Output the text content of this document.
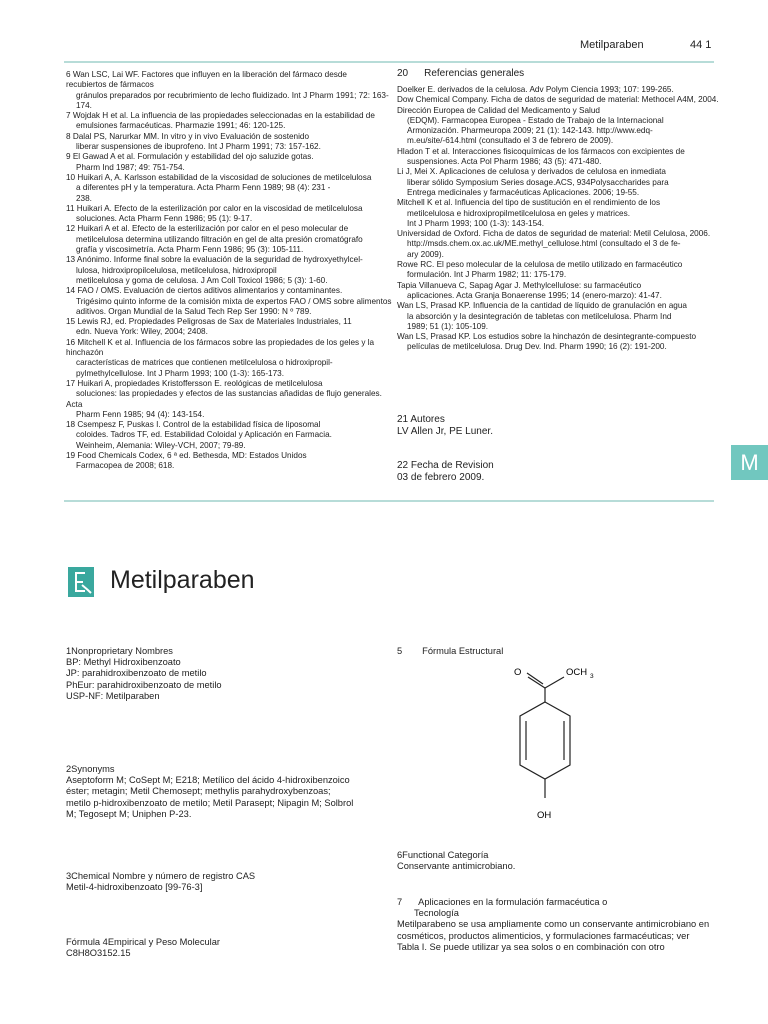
Metilparaben	44 1

6 Wan LSC, Lai WF. Factores que influyen en la liberación del fármaco desde

recubiertos de fármacos

gránulos preparados por recubrimiento de lecho fluidizado. Int J Pharm 1991; 72: 163-

174.

7 Wojdak H et al. La influencia de las propiedades seleccionadas en la estabilidad de

emulsiones farmacéuticas. Pharmazie 1991; 46: 120-125.

8 Dalal PS, Narurkar MM. In vitro y in vivo Evaluación de sostenido

liberar suspensiones de ibuprofeno. Int J Pharm 1991; 73: 157-162.

9 El Gawad A et al. Formulación y estabilidad del ojo saluzide gotas.

Pharm Ind 1987; 49: 751-754.

10 Huikari A, A. Karlsson estabilidad de la viscosidad de soluciones de metilcelulosa

a diferentes pH y la temperatura. Acta Pharm Fenn 1989; 98 (4): 231 -

238.

11 Huikari A. Efecto de la esterilización por calor en la viscosidad de metilcelulosa

soluciones. Acta Pharm Fenn 1986; 95 (1): 9-17.

12 Huikari A et al. Efecto de la esterilización por calor en el peso molecular de

metilcelulosa determina utilizando filtración en gel de alta presión cromatógrafo

grafía y viscosimetría. Acta Pharm Fenn 1986; 95 (3): 105-111.

13 Anónimo. Informe final sobre la evaluación de la seguridad de hydroxyethylcel-

lulosa, hidroxipropilcelulosa, metilcelulosa, hidroxipropil

metilcelulosa y goma de celulosa. J Am Coll Toxicol 1986; 5 (3): 1-60.

14 FAO / OMS. Evaluación de ciertos aditivos alimentarios y contaminantes.

Trigésimo quinto informe de la comisión mixta de expertos FAO / OMS sobre alimentos

aditivos. Organ Mundial de la Salud Tech Rep Ser 1990: N º 789.

15 Lewis RJ, ed. Propiedades Peligrosas de Sax de Materiales Industriales, 11

edn. Nueva York: Wiley, 2004; 2408.

16 Mitchell K et al. Influencia de los fármacos sobre las propiedades de los geles y la

hinchazón

características de matrices que contienen metilcelulosa o hidroxipropil-

pylmethylcellulose. Int J Pharm 1993; 100 (1-3): 165-173.

17 Huikari A, propiedades Kristoffersson E. reológicas de metilcelulosa

soluciones: las propiedades y efectos de las sustancias añadidas de flujo generales.

Acta

Pharm Fenn 1985; 94 (4): 143-154.

18 Csempesz F, Puskas I. Control de la estabilidad física de liposomal

coloides. Tadros TF, ed. Estabilidad Coloidal y Aplicación en Farmacia.

Weinheim, Alemania: Wiley-VCH, 2007; 79-89.

19 Food Chemicals Codex, 6 ª ed. Bethesda, MD: Estados Unidos

Farmacopea de 2008; 618.

20 Referencias generales

Doelker E. derivados de la celulosa. Adv Polym Ciencia 1993; 107: 199-265.

Dow Chemical Company. Ficha de datos de seguridad de material: Methocel A4M, 2004.

Dirección Europea de Calidad del Medicamento y Salud

(EDQM). Farmacopea Europea - Estado de Trabajo de la Internacional

Armonización. Pharmeuropa 2009; 21 (1): 142-143. http://www.edq-

m.eu/site/-614.html (consultado el 3 de febrero de 2009).

Hladon T et al. Interacciones fisicoquímicas de los fármacos con excipientes de

suspensiones. Acta Pol Pharm 1986; 43 (5): 471-480.

Li J, Mei X. Aplicaciones de celulosa y derivados de celulosa en inmediata

liberar sólido Symposium Series dosage.ACS, 934Polysaccharides para

Entrega medicinales y farmacéuticas Aplicaciones. 2006; 19-55.

Mitchell K et al. Influencia del tipo de sustitución en el rendimiento de los

metilcelulosa e hidroxipropilmetilcelulosa en geles y matrices.

Int J Pharm 1993; 100 (1-3): 143-154.

Universidad de Oxford. Ficha de datos de seguridad de material: Metil Celulosa, 2006.

http://msds.chem.ox.ac.uk/ME.methyl_cellulose.html (consultado el 3 de fe-

ary 2009).

Rowe RC. El peso molecular de la celulosa de metilo utilizado en farmacéutico

formulación. Int J Pharm 1982; 11: 175-179.

Tapia Villanueva C, Sapag Agar J. Methylcellulose: su farmacéutico

aplicaciones. Acta Granja Bonaerense 1995; 14 (enero-marzo): 41-47.

Wan LS, Prasad KP. Influencia de la cantidad de líquido de granulación en agua

la absorción y la desintegración de tabletas con metilcelulosa. Pharm Ind

1989; 51 (1): 105-109.

Wan LS, Prasad KP. Los estudios sobre la hinchazón de desintegrante-compuesto

películas de metilcelulosa. Drug Dev. Ind. Pharm 1990; 16 (2): 191-200.

21 Autores
LV Allen Jr, PE Luner.
22 Fecha de Revision
03 de febrero 2009.
M
Metilparaben

1Nonproprietary Nombres

BP: Methyl Hidroxibenzoato

JP: parahidroxibenzoato de metilo

PhEur: parahidroxibenzoato de metilo

USP-NF: Metilparaben

2Synonyms

Aseptoform M; CoSept M; E218; Metílico del ácido 4-hidroxibenzoico

éster; metagin; Metil Chemosept; methylis parahydroxybenzoas;

metilo p-hidroxibenzoato de metilo; Metil Parasept; Nipagin M; Solbrol

M; Tegosept M; Uniphen P-23.

3Chemical Nombre y número de registro CAS

Metil-4-hidroxibenzoato [99-76-3]

Fórmula 4Empirical y Peso Molecular

C8H8O3152.15

5 Fórmula Estructural
O	OCH 3
OH

6Functional Categoría

Conservante antimicrobiano.

7 Aplicaciones en la formulación farmacéutica o

Tecnología

Metilparabeno se usa ampliamente como un conservante antimicrobiano en

cosméticos, productos alimenticios, y formulaciones farmacéuticas; ver

Tabla I. Se puede utilizar ya sea solos o en combinación con otro
